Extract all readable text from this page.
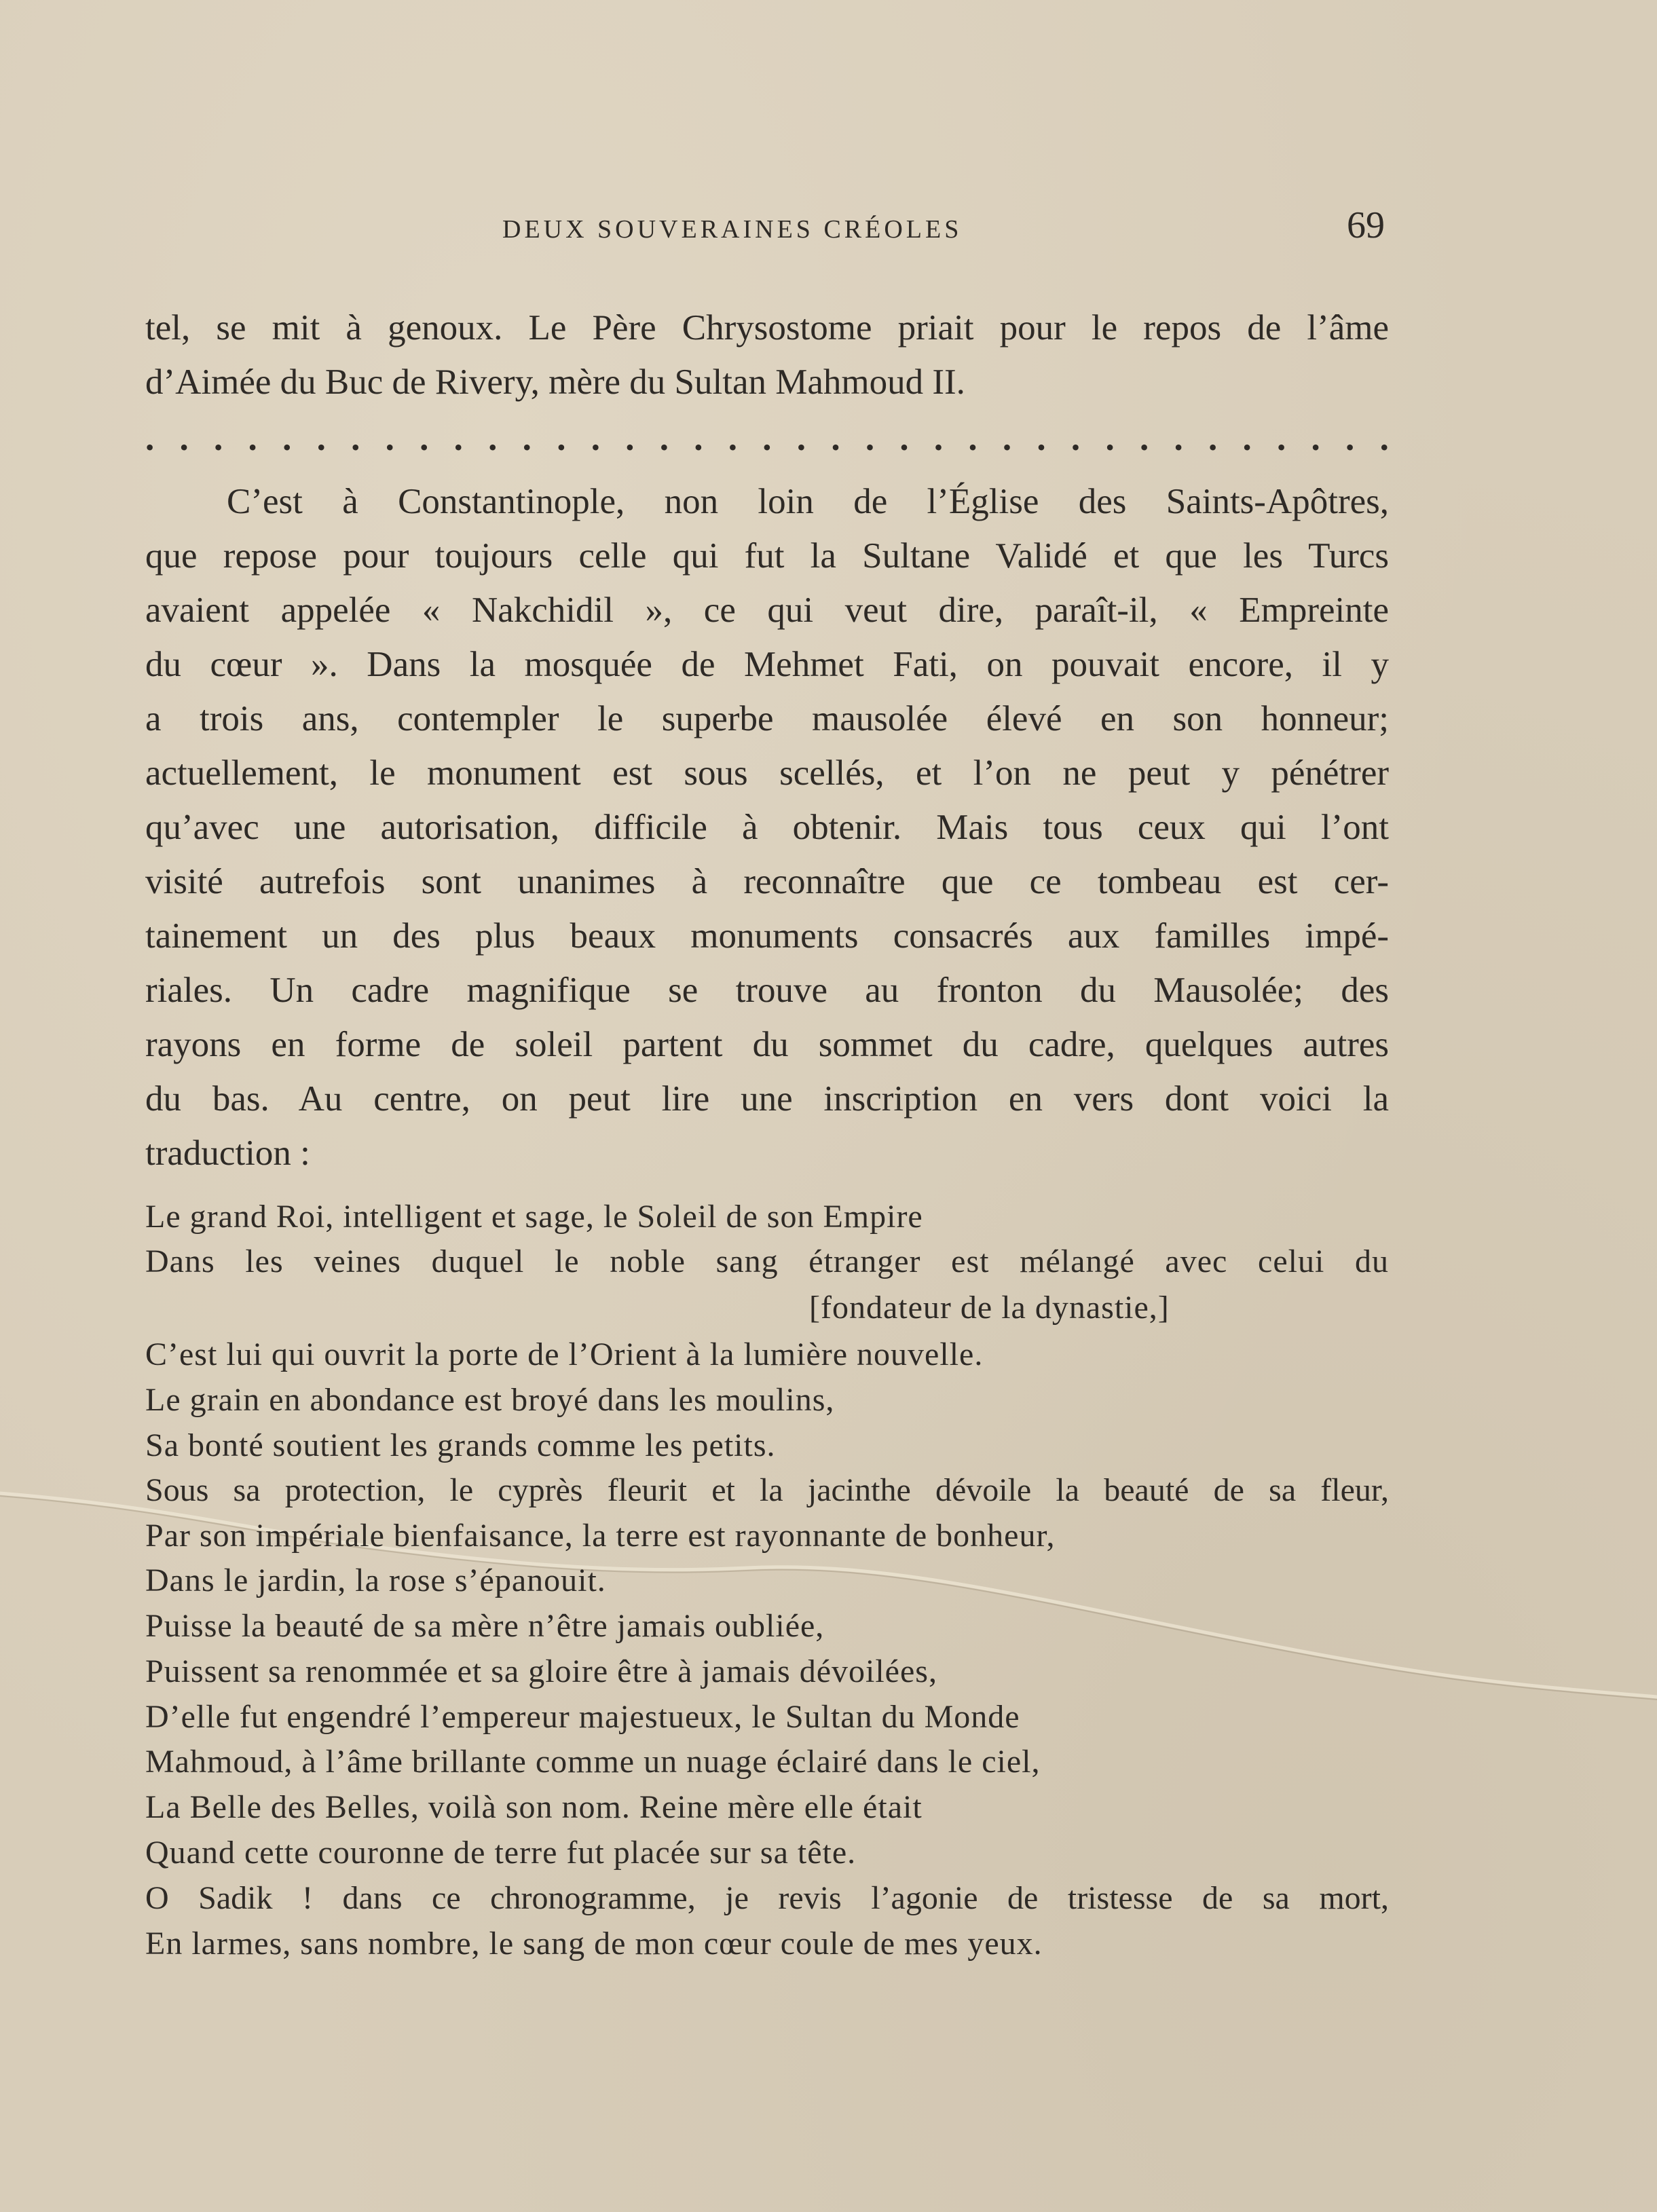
DEUX SOUVERAINES CRÉOLES	69
tel, se mit à genoux. Le Père Chrysostome priait pour le repos de l’âme
d’Aimée du Buc de Rivery, mère du Sultan Mahmoud II.
. . . . . . . . . . . . . . . . . . . . . . . . . . . . . . . . . . . . .
C’est à Constantinople, non loin de l’Église des Saints-Apôtres,
que repose pour toujours celle qui fut la Sultane Validé et que les Turcs
avaient appelée « Nakchidil », ce qui veut dire, paraît-il, « Empreinte
du cœur ». Dans la mosquée de Mehmet Fati, on pouvait encore, il y
a trois ans, contempler le superbe mausolée élevé en son honneur;
actuellement, le monument est sous scellés, et l’on ne peut y pénétrer
qu’avec une autorisation, difficile à obtenir. Mais tous ceux qui l’ont
visité autrefois sont unanimes à reconnaître que ce tombeau est cer-
tainement un des plus beaux monuments consacrés aux familles impé-
riales. Un cadre magnifique se trouve au fronton du Mausolée; des
rayons en forme de soleil partent du sommet du cadre, quelques autres
du bas. Au centre, on peut lire une inscription en vers dont voici la
traduction :
Le grand Roi, intelligent et sage, le Soleil de son Empire
Dans les veines duquel le noble sang étranger est mélangé avec celui du
[fondateur de la dynastie,]
C’est lui qui ouvrit la porte de l’Orient à la lumière nouvelle.
Le grain en abondance est broyé dans les moulins,
Sa bonté soutient les grands comme les petits.
Sous sa protection, le cyprès fleurit et la jacinthe dévoile la beauté de sa fleur,
Par son impériale bienfaisance, la terre est rayonnante de bonheur,
Dans le jardin, la rose s’épanouit.
Puisse la beauté de sa mère n’être jamais oubliée,
Puissent sa renommée et sa gloire être à jamais dévoilées,
D’elle fut engendré l’empereur majestueux, le Sultan du Monde
Mahmoud, à l’âme brillante comme un nuage éclairé dans le ciel,
La Belle des Belles, voilà son nom. Reine mère elle était
Quand cette couronne de terre fut placée sur sa tête.
O Sadik ! dans ce chronogramme, je revis l’agonie de tristesse de sa mort,
En larmes, sans nombre, le sang de mon cœur coule de mes yeux.
